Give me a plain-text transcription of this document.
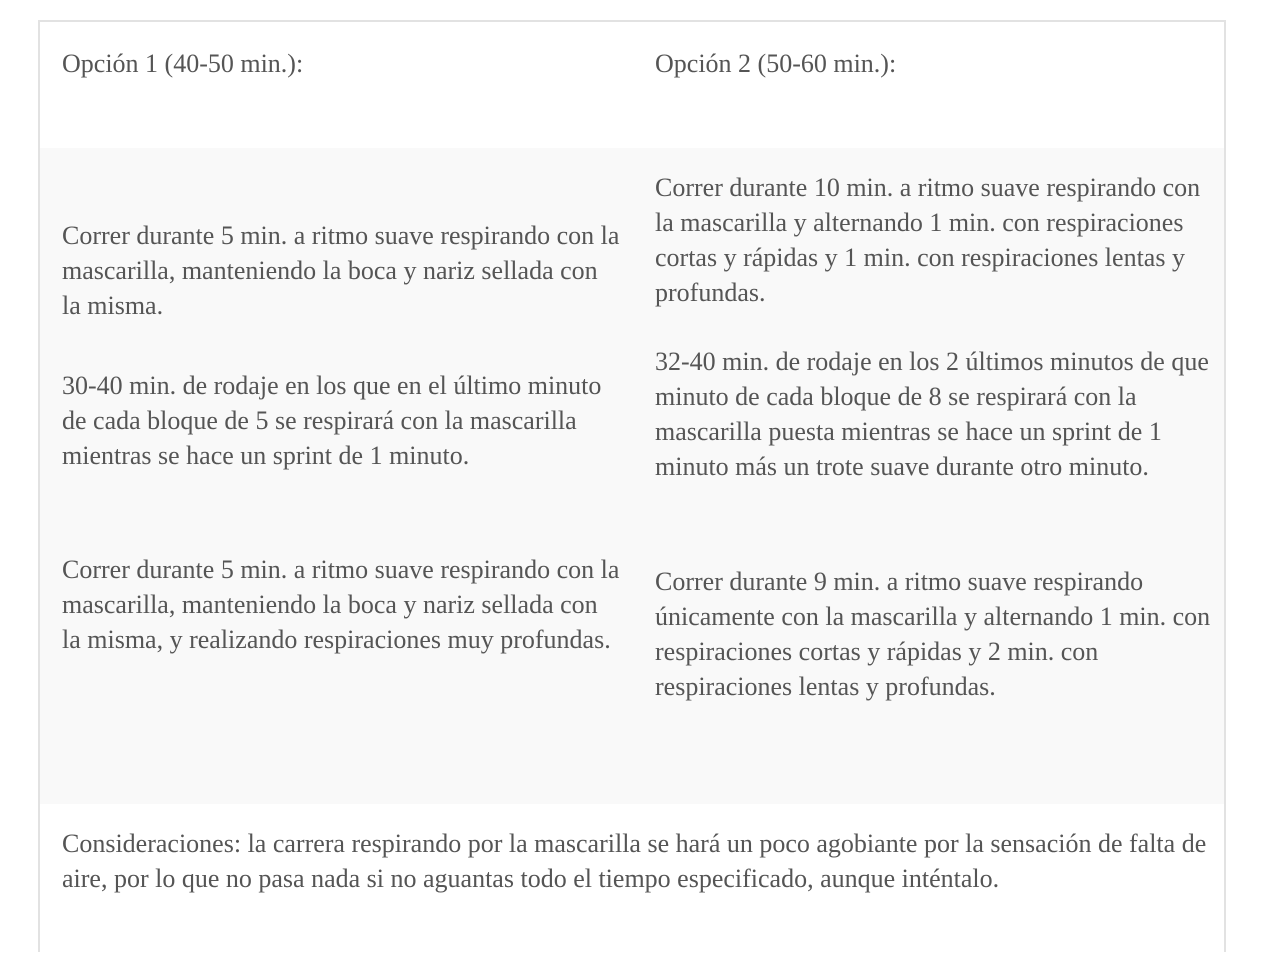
Opción 1 (40-50 min.):	Opción 2 (50-60 min.):

Correr durante 5 min. a ritmo suave respirando con la mascarilla, manteniendo la boca y nariz sellada con la misma.

30-40 min. de rodaje en los que en el último minuto de cada bloque de 5 se respirará con la mascarilla mientras se hace un sprint de 1 minuto.

Correr durante 5 min. a ritmo suave respirando con la mascarilla, manteniendo la boca y nariz sellada con la misma, y realizando respiraciones muy profundas.

Correr durante 10 min. a ritmo suave respirando con la mascarilla y alternando 1 min. con respiraciones cortas y rápidas y 1 min. con respiraciones lentas y profundas.

32-40 min. de rodaje en los 2 últimos minutos de que minuto de cada bloque de 8 se respirará con la mascarilla puesta mientras se hace un sprint de 1 minuto más un trote suave durante otro minuto.

Correr durante 9 min. a ritmo suave respirando únicamente con la mascarilla y alternando 1 min. con respiraciones cortas y rápidas y 2 min. con respiraciones lentas y profundas.

Consideraciones: la carrera respirando por la mascarilla se hará un poco agobiante por la sensación de falta de aire, por lo que no pasa nada si no aguantas todo el tiempo especificado, aunque inténtalo.
